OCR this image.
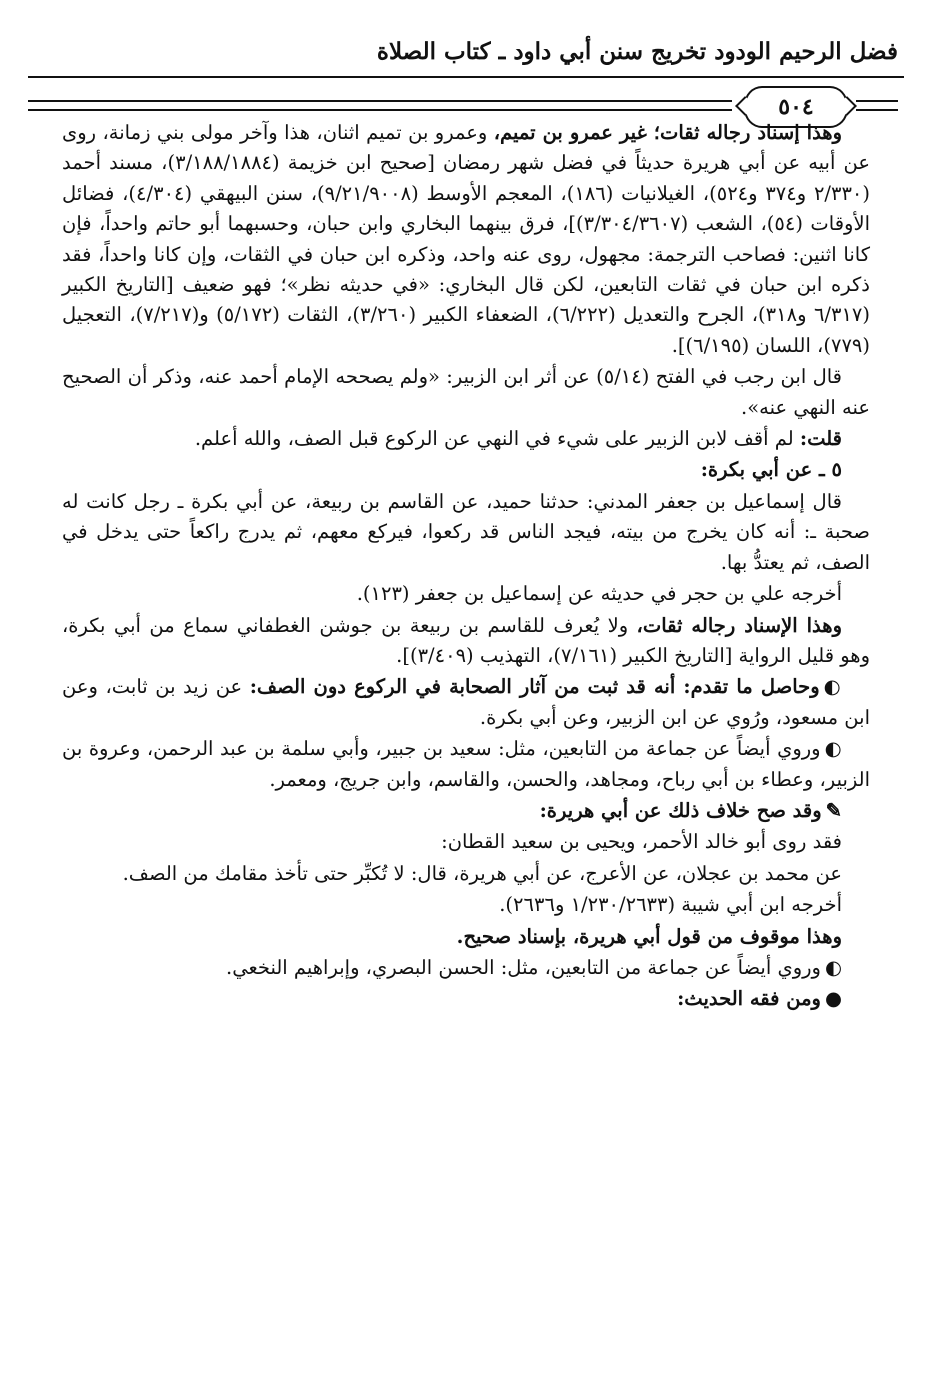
فضل الرحيم الودود تخريج سنن أبي داود ـ كتاب الصلاة
٥٠٤

وهذا إسناد رجاله ثقات؛ غير عمرو بن تميم، وعمرو بن تميم اثنان، هذا وآخر مولى بني زمانة، روى عن أبيه عن أبي هريرة حديثاً في فضل شهر رمضان [صحيح ابن خزيمة (٣/١٨٨/١٨٨٤)، مسند أحمد (٢/٣٣٠ و٣٧٤ و٥٢٤)، الغيلانيات (١٨٦)، المعجم الأوسط (٩/٢١/٩٠٠٨)، سنن البيهقي (٤/٣٠٤)، فضائل الأوقات (٥٤)، الشعب (٣/٣٠٤/٣٦٠٧)]، فرق بينهما البخاري وابن حبان، وحسبهما أبو حاتم واحداً، فإن كانا اثنين: فصاحب الترجمة: مجهول، روى عنه واحد، وذكره ابن حبان في الثقات، وإن كانا واحداً، فقد ذكره ابن حبان في ثقات التابعين، لكن قال البخاري: «في حديثه نظر»؛ فهو ضعيف [التاريخ الكبير (٦/٣١٧ و٣١٨)، الجرح والتعديل (٦/٢٢٢)، الضعفاء الكبير (٣/٢٦٠)، الثقات (٥/١٧٢) و(٧/٢١٧)، التعجيل (٧٧٩)، اللسان (٦/١٩٥)].

قال ابن رجب في الفتح (٥/١٤) عن أثر ابن الزبير: «ولم يصححه الإمام أحمد عنه، وذكر أن الصحيح عنه النهي عنه».

قلت: لم أقف لابن الزبير على شيء في النهي عن الركوع قبل الصف، والله أعلم.

٥ ـ عن أبي بكرة:

قال إسماعيل بن جعفر المدني: حدثنا حميد، عن القاسم بن ربيعة، عن أبي بكرة ـ رجل كانت له صحبة ـ: أنه كان يخرج من بيته، فيجد الناس قد ركعوا، فيركع معهم، ثم يدرج راكعاً حتى يدخل في الصف، ثم يعتدُّ بها.

أخرجه علي بن حجر في حديثه عن إسماعيل بن جعفر (١٢٣).

وهذا الإسناد رجاله ثقات، ولا يُعرف للقاسم بن ربيعة بن جوشن الغطفاني سماع من أبي بكرة، وهو قليل الرواية [التاريخ الكبير (٧/١٦١)، التهذيب (٣/٤٠٩)].

◐وحاصل ما تقدم: أنه قد ثبت من آثار الصحابة في الركوع دون الصف: عن زيد بن ثابت، وعن ابن مسعود، ورُوي عن ابن الزبير، وعن أبي بكرة.

◐وروي أيضاً عن جماعة من التابعين، مثل: سعيد بن جبير، وأبي سلمة بن عبد الرحمن، وعروة بن الزبير، وعطاء بن أبي رباح، ومجاهد، والحسن، والقاسم، وابن جريج، ومعمر.

✎وقد صح خلاف ذلك عن أبي هريرة:

فقد روى أبو خالد الأحمر، ويحيى بن سعيد القطان:

عن محمد بن عجلان، عن الأعرج، عن أبي هريرة، قال: لا تُكبِّر حتى تأخذ مقامك من الصف.

أخرجه ابن أبي شيبة (١/٢٣٠/٢٦٣٣ و٢٦٣٦).

وهذا موقوف من قول أبي هريرة، بإسناد صحيح.

◐وروي أيضاً عن جماعة من التابعين، مثل: الحسن البصري، وإبراهيم النخعي.

●ومن فقه الحديث:
